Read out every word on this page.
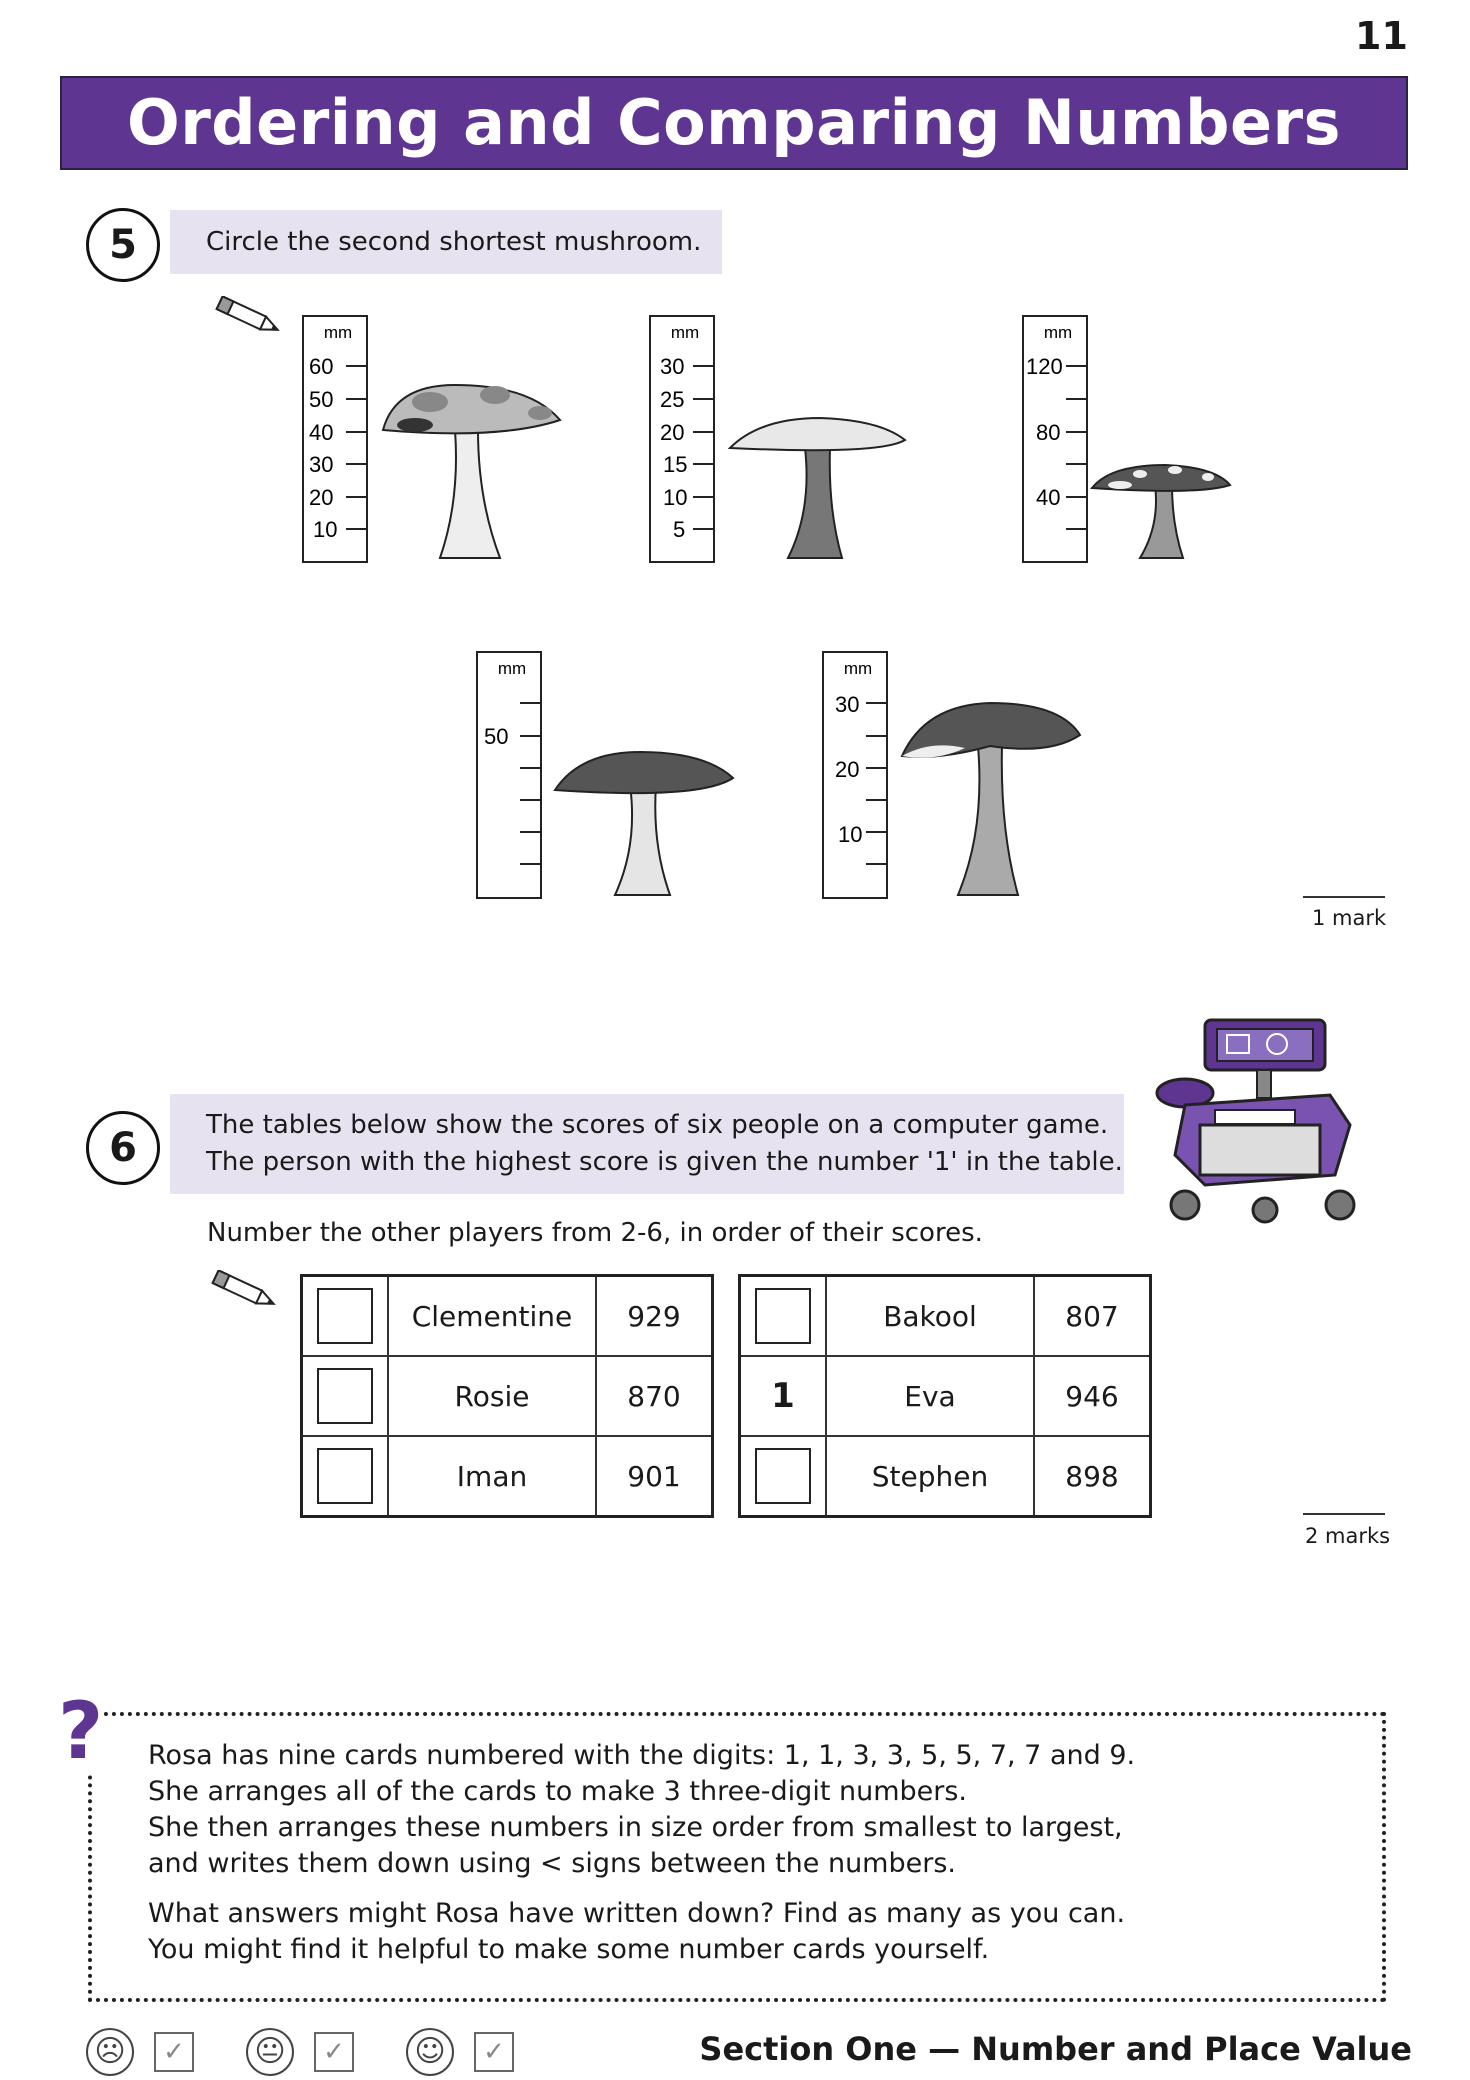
11
Ordering and Comparing Numbers
5	Circle the second shortest mushroom.
mm
60
50
40
30
20
10
mm
30
25
20
15
10
5
mm
120
80
40
mm
50
mm
30
20
10
1 mark
6	The tables below show the scores of six people on a computer game.
The person with the highest score is given the number '1' in the table.
Number the other players from 2-6, in order of their scores.
	Clementine	929

	Rosie	870

	Iman	901
	Bakool	807
1	Eva	946

	Stephen	898
2 marks
Rosa has nine cards numbered with the digits: 1, 1, 3, 3, 5, 5, 7, 7 and 9.
She arranges all of the cards to make 3 three-digit numbers.
She then arranges these numbers in size order from smallest to largest,
and writes them down using < signs between the numbers.
What answers might Rosa have written down? Find as many as you can.
You might find it helpful to make some number cards yourself.
?
☹	✓	😐	✓	☺	✓	Section One — Number and Place Value
